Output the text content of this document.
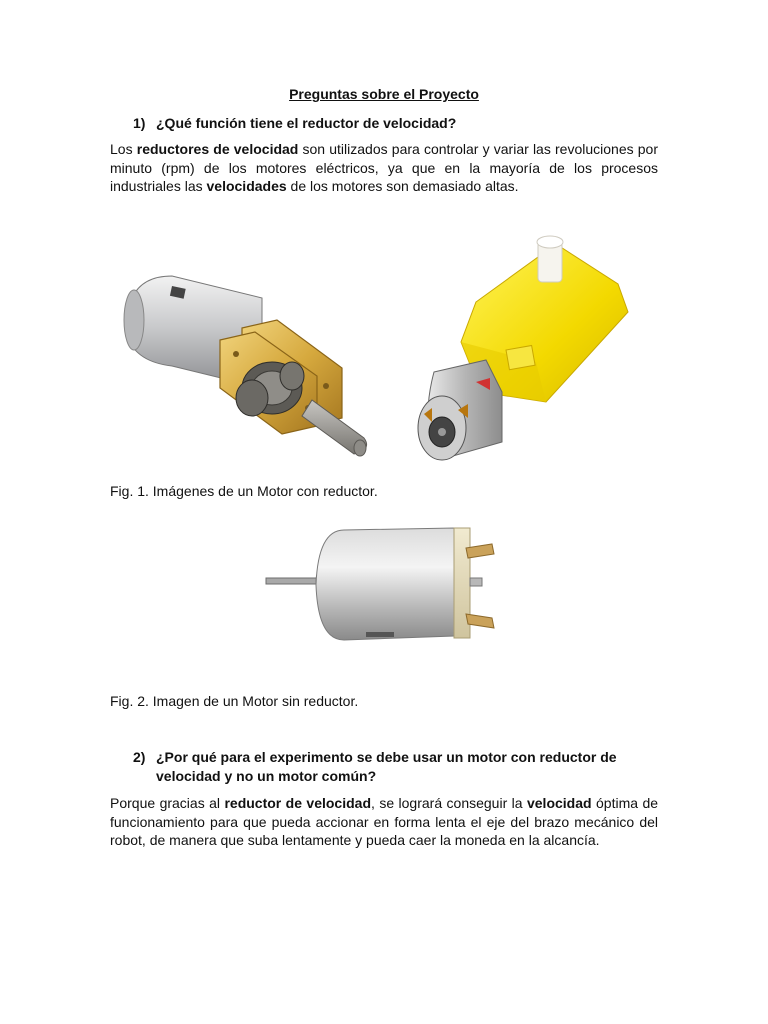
Preguntas sobre el Proyecto
1) ¿Qué función tiene el reductor de velocidad?
Los reductores de velocidad son utilizados para controlar y variar las revoluciones por minuto (rpm) de los motores eléctricos, ya que en la mayoría de los procesos industriales las velocidades de los motores son demasiado altas.
Fig. 1. Imágenes de un Motor con reductor.
Fig. 2. Imagen de un Motor sin reductor.
2) ¿Por qué para el experimento se debe usar un motor con reductor de velocidad y no un motor común?
Porque gracias al reductor de velocidad, se logrará conseguir la velocidad óptima de funcionamiento para que pueda accionar en forma lenta el eje del brazo mecánico del robot, de manera que suba lentamente y pueda caer la moneda en la alcancía.
